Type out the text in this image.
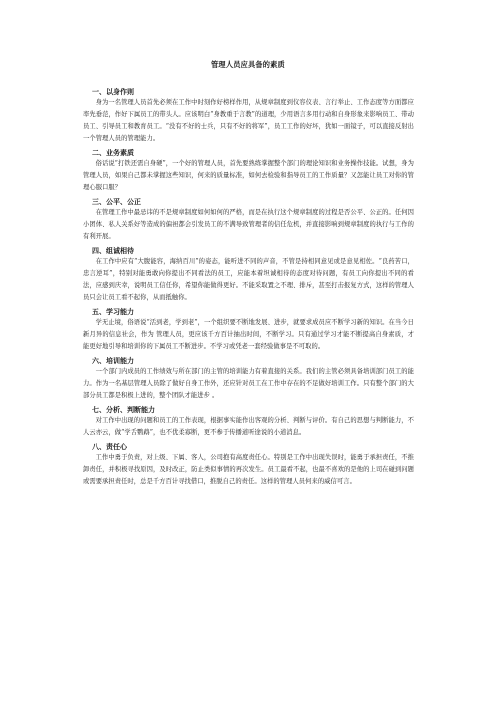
管理人员应具备的素质
一、以身作则
身为一名管理人员首先必须在工作中时刻作好榜样作用，从规章制度到仪容仪表、言行举止、工作态度等方面都应率先垂范，作好下属员工的带头人。应该明白“身教重于言教”的道理，少用语言多用行动和自身形象来影响员工、带动员工、引导员工和教育员工。“没有不好的士兵，只有不好的将军”，员工工作的好坏，犹如一面镜子，可以直接反射出一个管理人员的管理能力。
二、业务素质
俗话说“打铁还需自身硬”，一个好的管理人员，首先要熟练掌握整个部门的理论知识和业务操作技能。试想，身为管理人员，如果自己都未掌握这些知识，何来的质量标准，如何去检验和指导员工的工作质量？又怎能让员工对你的管理心服口服？
三、公平、公正
在管理工作中最忌讳的不是规章制度如何如何的严格，而是在执行这个规章制度的过程是否公平、公正的。任何因小团体、私人关系好等造成的偏袒都会引发员工的不满导致管理者的信任危机，并直接影响到规章制度的执行与工作的有利开展。
四、组诚相待
在工作中应有“大腹能容，海纳百川”的姿态，能听进不同的声音，不管是持相同意见或是意见相佐。“良药苦口，忠言逆耳”，特别对能勇敢向你提出不同看法的员工，应能本着坦诚相待的态度对待问题，有员工向你提出不同的看法，应感到庆幸，说明员工信任你，希望你能做得更好。不能采取置之不理、排斥，甚至打击报复方式，这样的管理人员只会让员工看不起你，从而抵触你。
五、学习能力
学无止境，俗语说“活到老，学到老”，一个组织要不断地发展、进步，就要求成员应不断学习新的知识。在当今日新月异的信息社会，作为 管理人员，更应该千方百计抽出时间，不断学习。只有通过学习才能不断提高自身素质，才能更好地引导和培训你的下属员工不断进步。不学习或凭老一套经验做事是不可取的。
六、培训能力
一个部门内成员的工作绩效与所在部门的主管的培训能力有着直接的关系。我们的主管必须具备培训部门员工的能力。作为一名基层管理人员除了做好自身工作外，还应针对员工在工作中存在的不足做好培训工作。只有整个部门的大部分员工都是积极上进的，整个团队才能进步 。
七、分析、判断能力
对工作中出现的问题和员工的工作表现，根据事实能作出客观的分析、判断与评价。有自己的思想与判断能力，不人云亦云，做“学舌鹦鹉”，也不优柔寡断，更不参于传播道听途说的小道消息。
八、责任心
工作中勇于负责，对上级、下属、客人，公司抱有高度责任心。特别是工作中出现失误时，能勇于承担责任，不推卸责任，并积极寻找原因，及时改正，防止类似事情的再次发生。员工最看不起，也最不喜欢的是他的上司在碰到问题或需要承担责任时，总是千方百计寻找借口，推脱自己的责任。这样的管理人员何来的威信可言。
